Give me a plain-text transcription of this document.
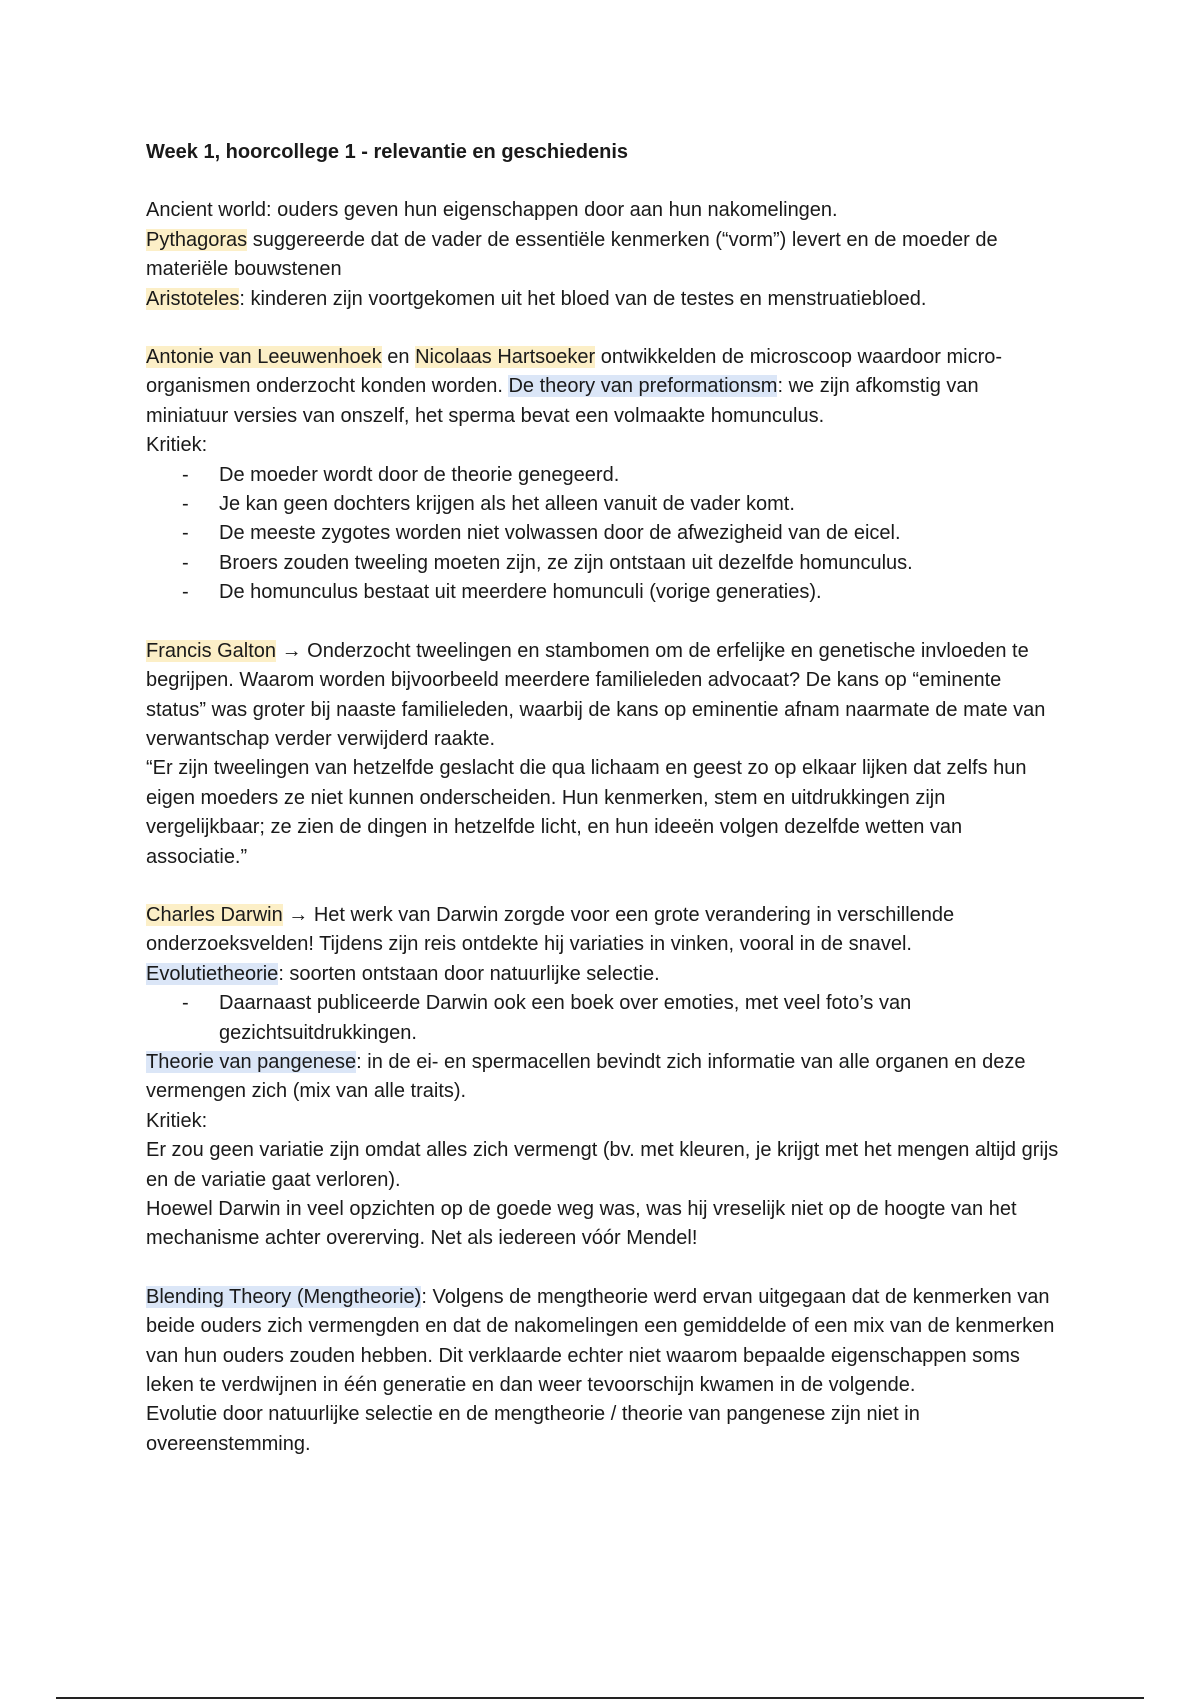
Week 1, hoorcollege 1 - relevantie en geschiedenis

Ancient world: ouders geven hun eigenschappen door aan hun nakomelingen.

Pythagoras suggereerde dat de vader de essentiële kenmerken (“vorm”) levert en de moeder de materiële bouwstenen

Aristoteles: kinderen zijn voortgekomen uit het bloed van de testes en menstruatiebloed.

Antonie van Leeuwenhoek en Nicolaas Hartsoeker ontwikkelden de microscoop waardoor micro-organismen onderzocht konden worden. De theory van preformationsm: we zijn afkomstig van miniatuur versies van onszelf, het sperma bevat een volmaakte homunculus.

Kritiek:

- De moeder wordt door de theorie genegeerd.
- Je kan geen dochters krijgen als het alleen vanuit de vader komt.
- De meeste zygotes worden niet volwassen door de afwezigheid van de eicel.
- Broers zouden tweeling moeten zijn, ze zijn ontstaan uit dezelfde homunculus.
- De homunculus bestaat uit meerdere homunculi (vorige generaties).

Francis Galton → Onderzocht tweelingen en stambomen om de erfelijke en genetische invloeden te begrijpen. Waarom worden bijvoorbeeld meerdere familieleden advocaat? De kans op “eminente status” was groter bij naaste familieleden, waarbij de kans op eminentie afnam naarmate de mate van verwantschap verder verwijderd raakte.

“Er zijn tweelingen van hetzelfde geslacht die qua lichaam en geest zo op elkaar lijken dat zelfs hun eigen moeders ze niet kunnen onderscheiden. Hun kenmerken, stem en uitdrukkingen zijn vergelijkbaar; ze zien de dingen in hetzelfde licht, en hun ideeën volgen dezelfde wetten van associatie.”

Charles Darwin → Het werk van Darwin zorgde voor een grote verandering in verschillende onderzoeksvelden! Tijdens zijn reis ontdekte hij variaties in vinken, vooral in de snavel.

Evolutietheorie: soorten ontstaan door natuurlijke selectie.

- Daarnaast publiceerde Darwin ook een boek over emoties, met veel foto’s van gezichtsuitdrukkingen.

Theorie van pangenese: in de ei- en spermacellen bevindt zich informatie van alle organen en deze vermengen zich (mix van alle traits).

Kritiek:

Er zou geen variatie zijn omdat alles zich vermengt (bv. met kleuren, je krijgt met het mengen altijd grijs en de variatie gaat verloren).

Hoewel Darwin in veel opzichten op de goede weg was, was hij vreselijk niet op de hoogte van het mechanisme achter overerving. Net als iedereen vóór Mendel!

Blending Theory (Mengtheorie): Volgens de mengtheorie werd ervan uitgegaan dat de kenmerken van beide ouders zich vermengden en dat de nakomelingen een gemiddelde of een mix van de kenmerken van hun ouders zouden hebben. Dit verklaarde echter niet waarom bepaalde eigenschappen soms leken te verdwijnen in één generatie en dan weer tevoorschijn kwamen in de volgende.

Evolutie door natuurlijke selectie en de mengtheorie / theorie van pangenese zijn niet in overeenstemming.
